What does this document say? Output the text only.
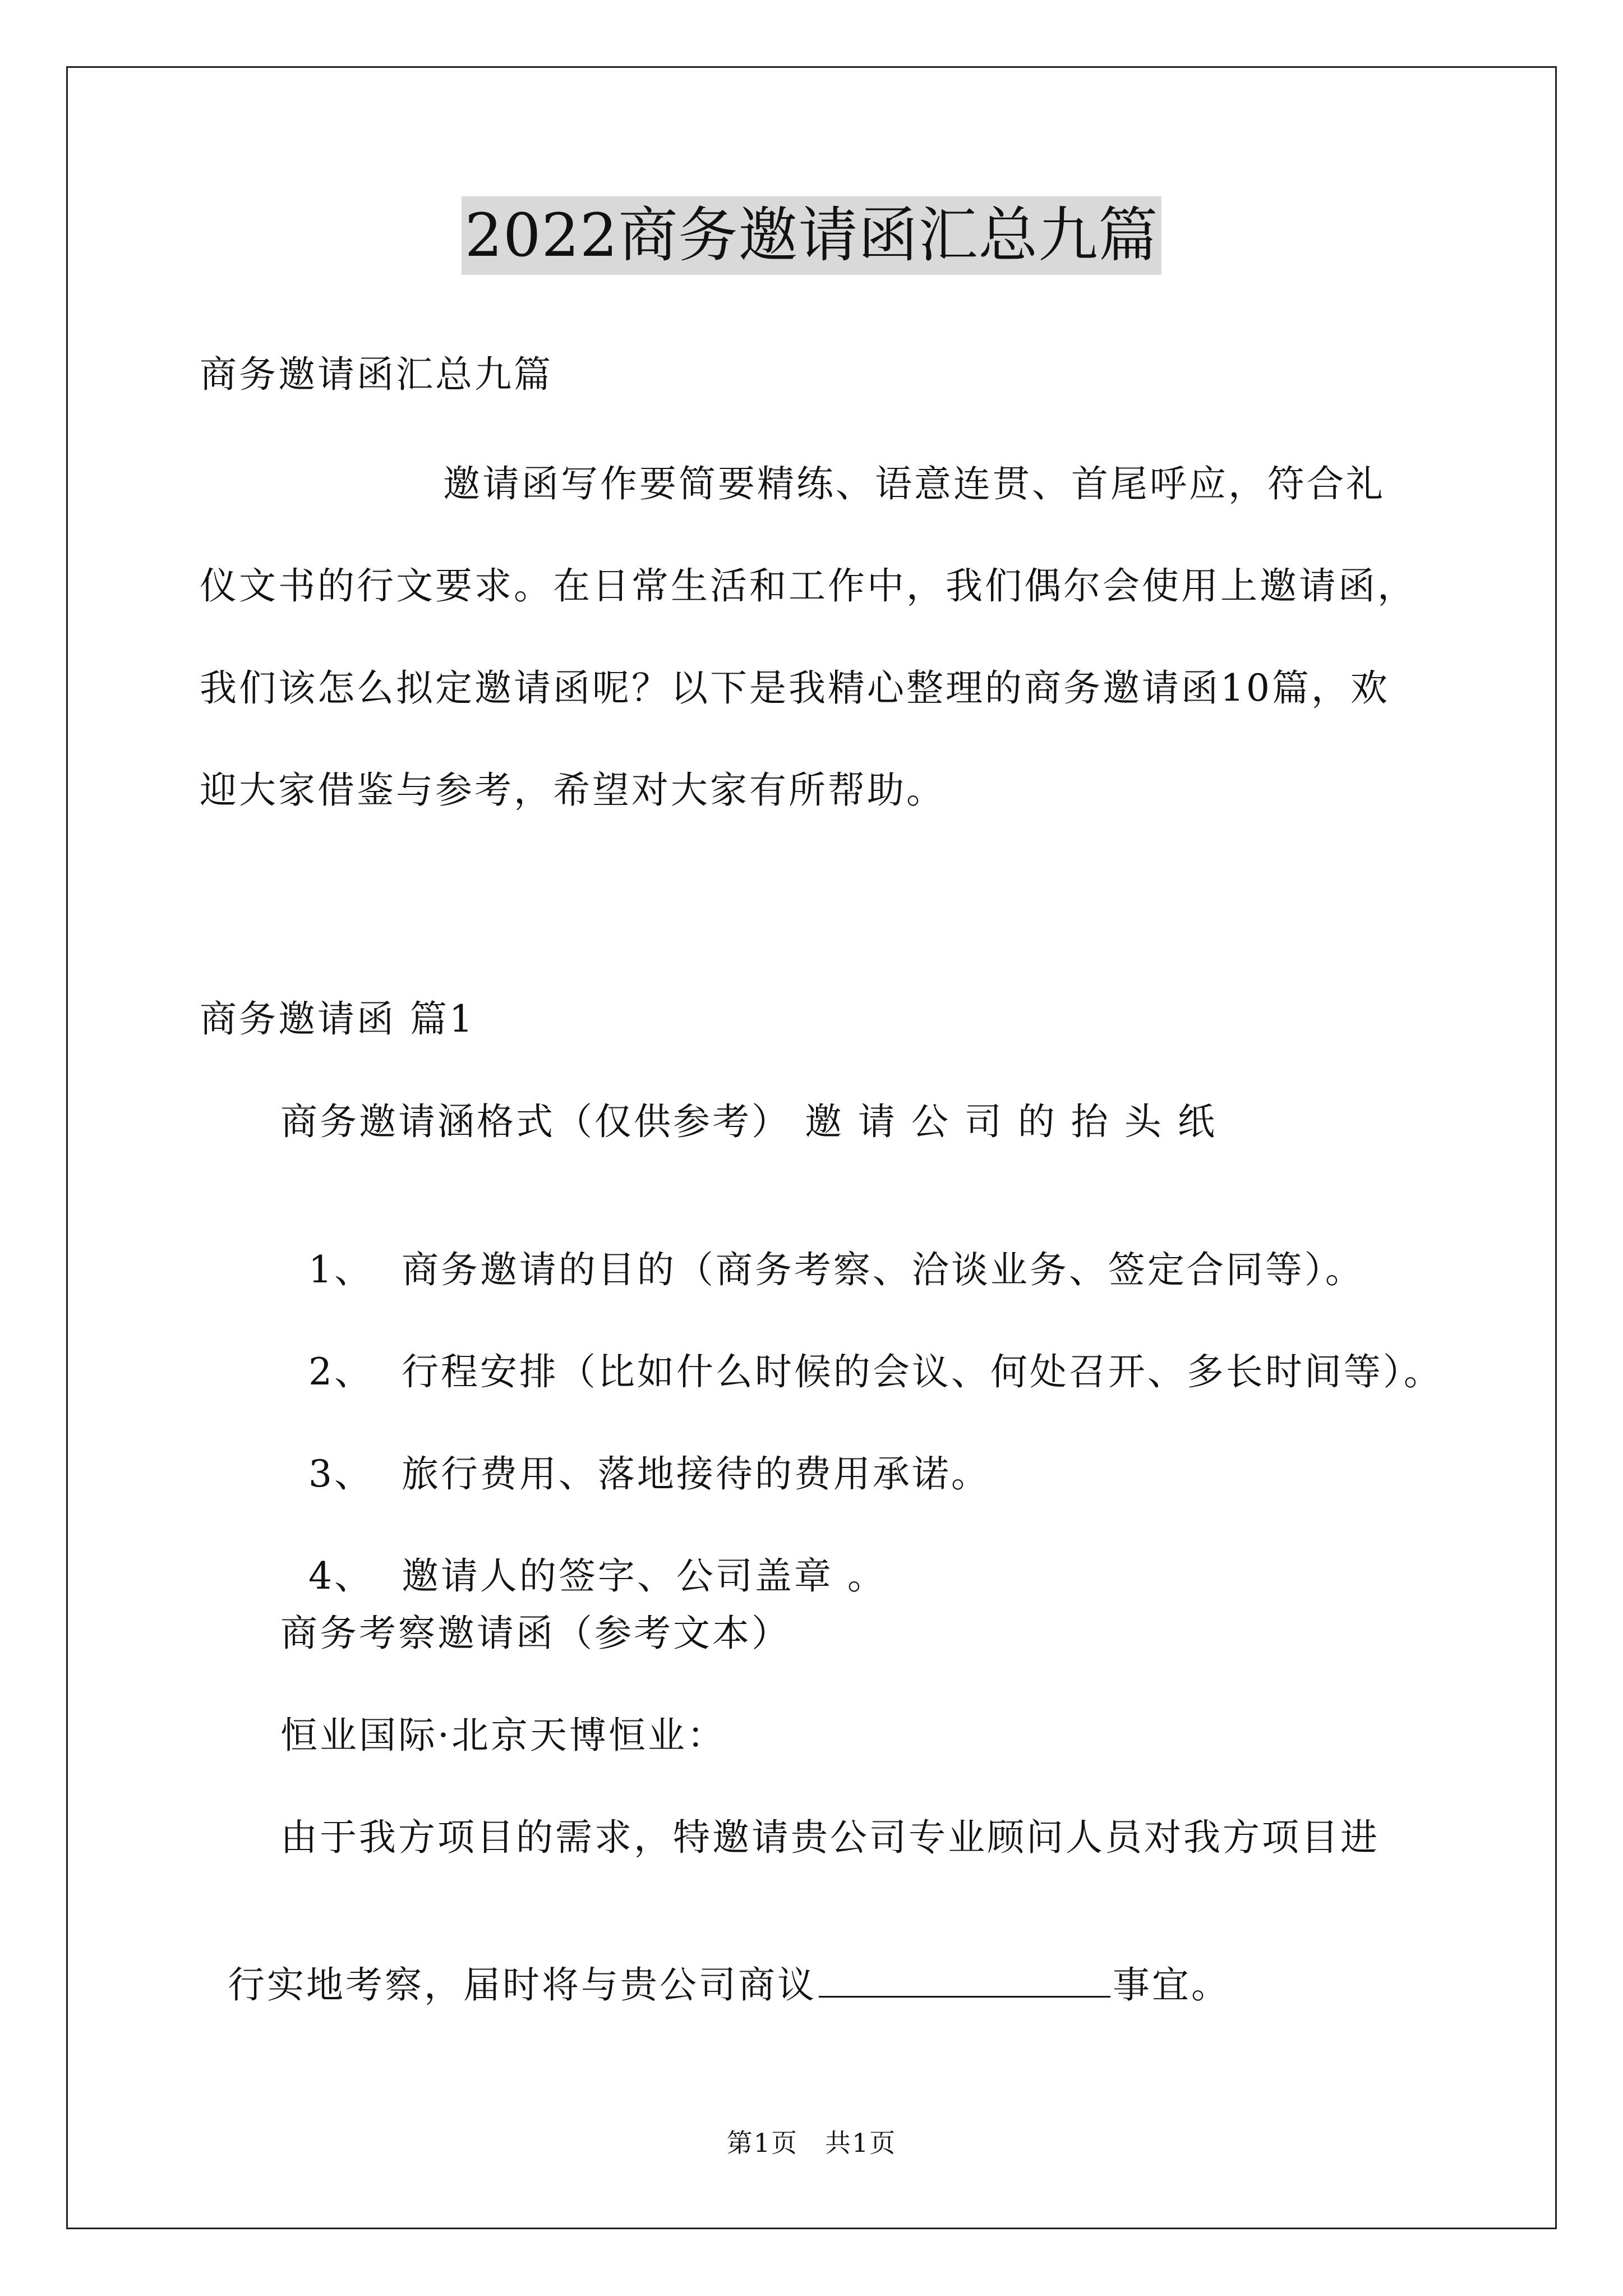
2022商务邀请函汇总九篇
商务邀请函汇总九篇
邀请函写作要简要精练、语意连贯、首尾呼应，符合礼
仪文书的行文要求。在日常生活和工作中，我们偶尔会使用上邀请函，
我们该怎么拟定邀请函呢？以下是我精心整理的商务邀请函10篇，欢
迎大家借鉴与参考，希望对大家有所帮助。
商务邀请函 篇1
商务邀请涵格式（仅供参考） 邀 请 公 司 的 抬 头 纸

1、 商务邀请的目的（商务考察、洽谈业务、签定合同等）。

2、 行程安排（比如什么时候的会议、何处召开、多长时间等）。

3、 旅行费用、落地接待的费用承诺。

4、 邀请人的签字、公司盖章 。

商务考察邀请函（参考文本）
恒业国际·北京天博恒业：
由于我方项目的需求，特邀请贵公司专业顾问人员对我方项目进

行实地考察，届时将与贵公司商议	事宜。

第1页　共1页
